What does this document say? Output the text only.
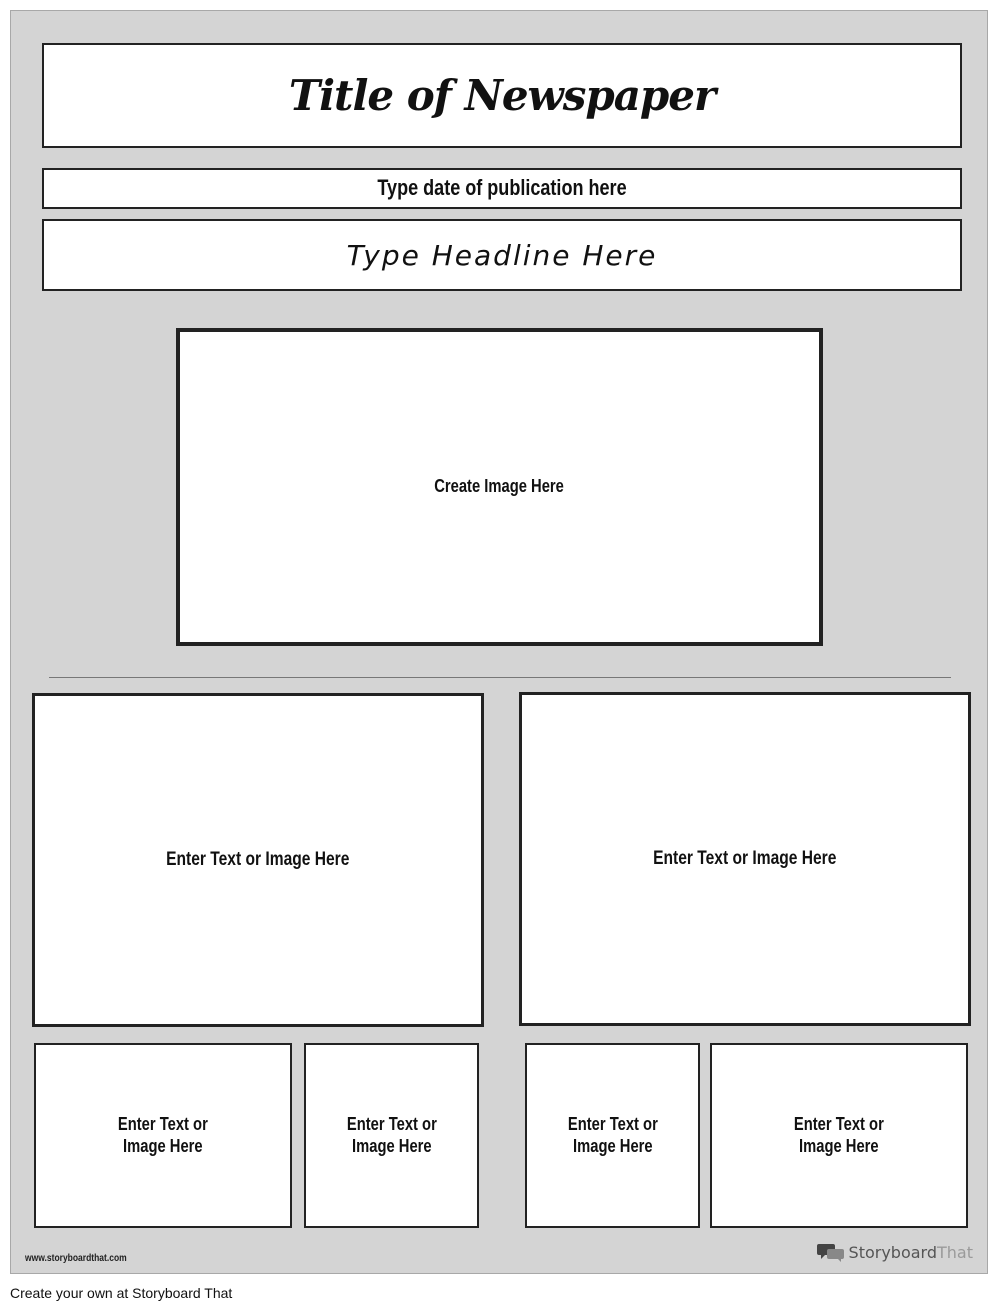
Title of Newspaper
Type date of publication here
Type Headline Here
Create Image Here
Enter Text or Image Here	Enter Text or Image Here
Enter Text or
Image Here
Enter Text or
Image Here
Enter Text or
Image Here
Enter Text or
Image Here
www.storyboardthat.com	StoryboardThat
Create your own at Storyboard That
